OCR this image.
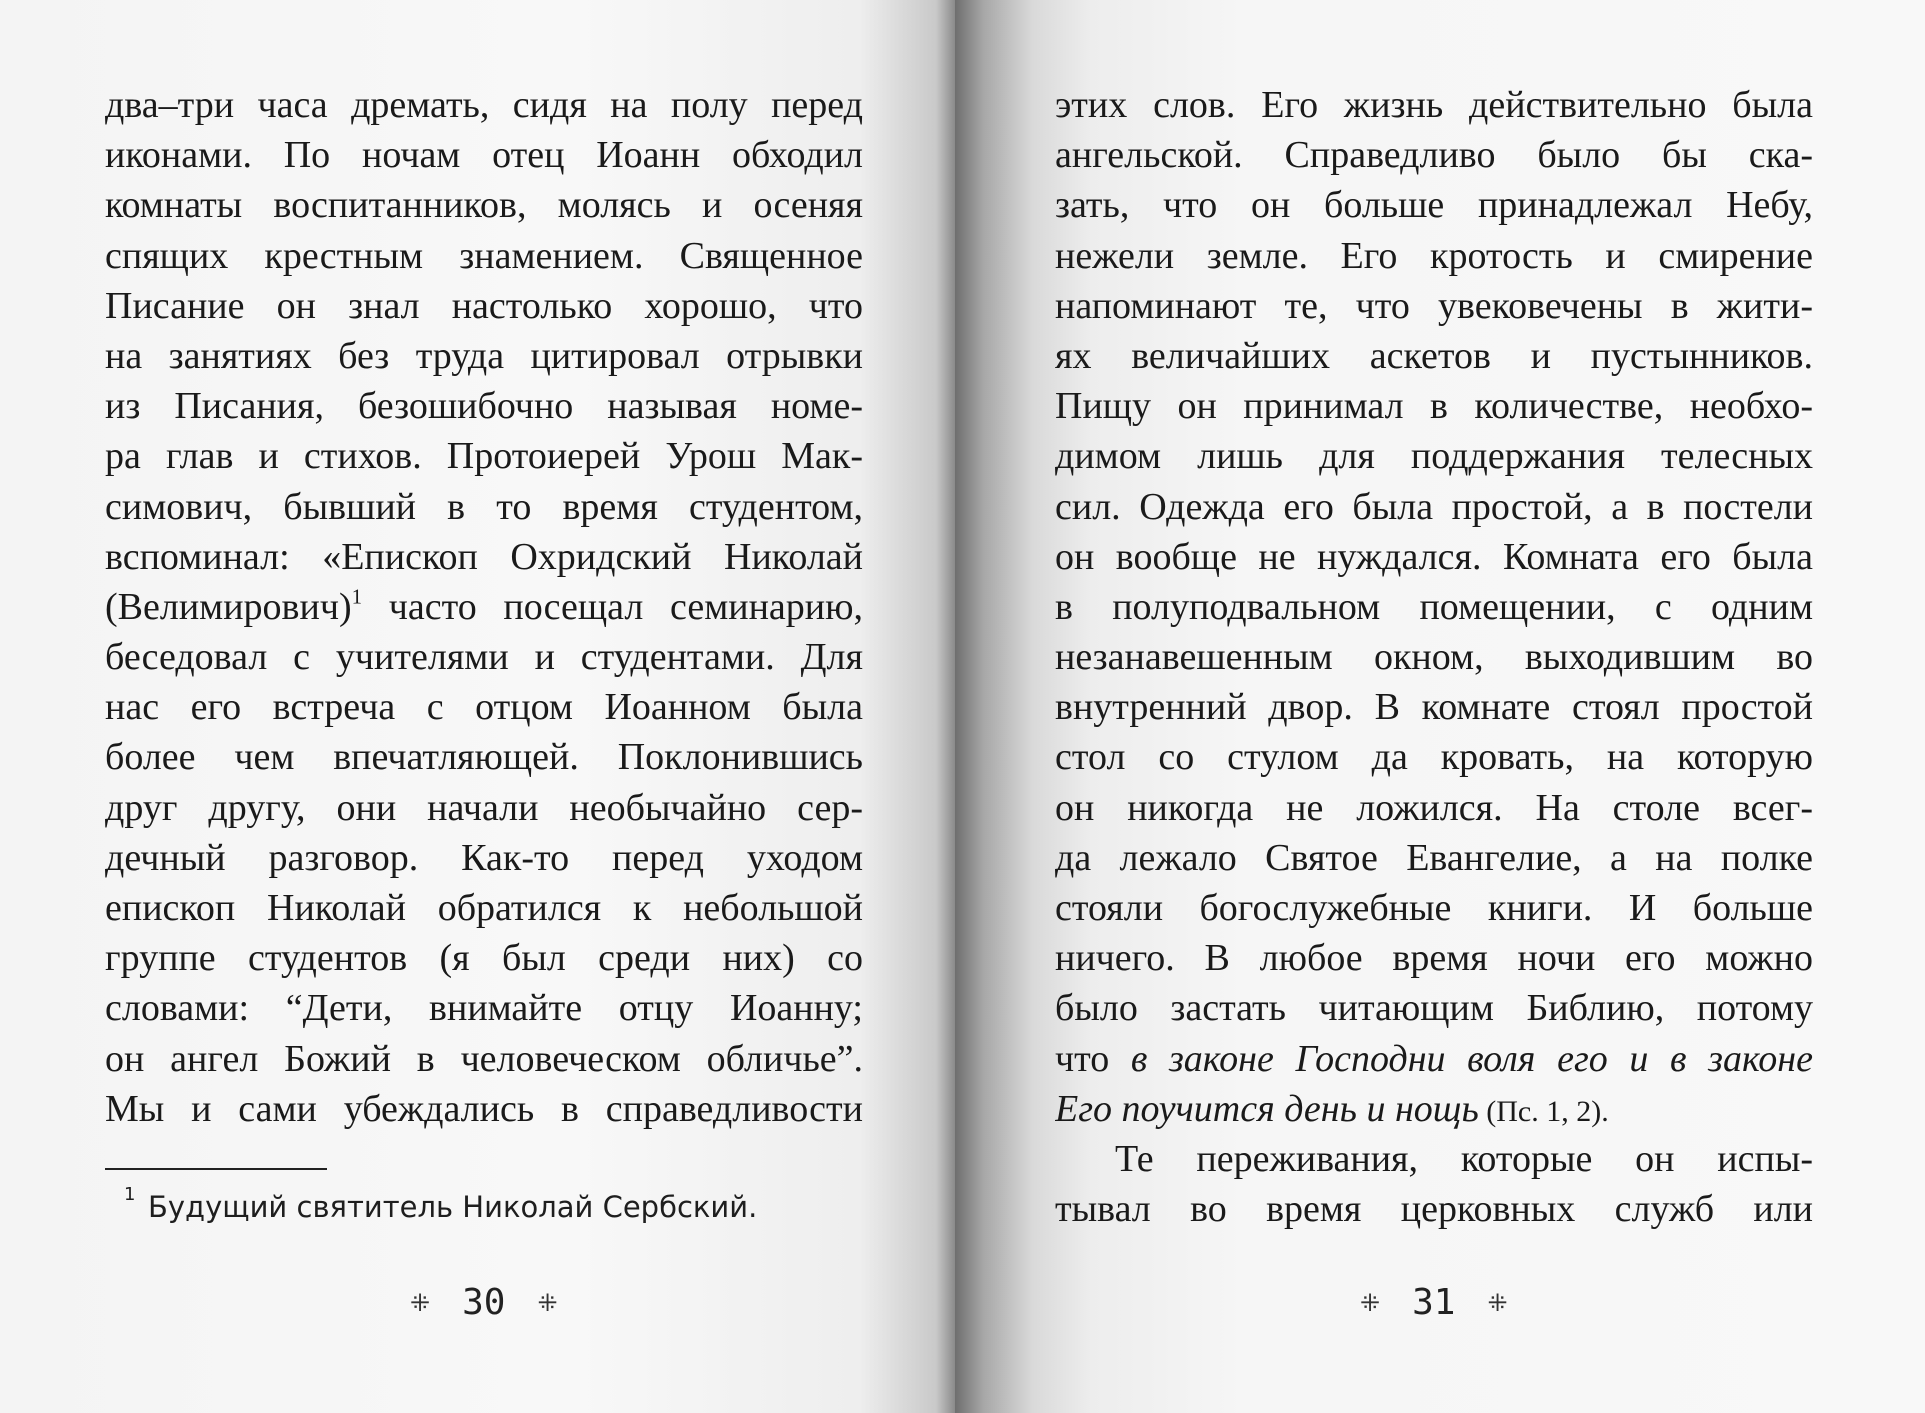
два–три часа дремать, сидя на полу перед
иконами. По ночам отец Иоанн обходил
комнаты воспитанников, молясь и осеняя
спящих крестным знамением. Священное
Писание он знал настолько хорошо, что
на занятиях без труда цитировал отрывки
из Писания, безошибочно называя номе-
ра глав и стихов. Протоиерей Урош Мак-
симович, бывший в то время студентом,
вспоминал: «Епископ Охридский Николай
(Велимирович)$^1$ часто посещал семинарию,
беседовал с учителями и студентами. Для
нас его встреча с отцом Иоанном была
более чем впечатляющей. Поклонившись
друг другу, они начали необычайно сер-
дечный разговор. Как-то перед уходом
епископ Николай обратился к небольшой
группе студентов (я был среди них) со
словами: “Дети, внимайте отцу Иоанну;
он ангел Божий в человеческом обличье”.
Мы и сами убеждались в справедливости
1 Будущий святитель Николай Сербский.
⁜ 30 ⁜
этих слов. Его жизнь действительно была
ангельской. Справедливо было бы ска-
зать, что он больше принадлежал Небу,
нежели земле. Его кротость и смирение
напоминают те, что увековечены в жити-
ях величайших аскетов и пустынников.
Пищу он принимал в количестве, необхо-
димом лишь для поддержания телесных
сил. Одежда его была простой, а в постели
он вообще не нуждался. Комната его была
в полуподвальном помещении, с одним
незанавешенным окном, выходившим во
внутренний двор. В комнате стоял простой
стол со стулом да кровать, на которую
он никогда не ложился. На столе всег-
да лежало Святое Евангелие, а на полке
стояли богослужебные книги. И больше
ничего. В любое время ночи его можно
было застать читающим Библию, потому
что в законе Господни воля его и в законе
Его поучится день и нощь (Пс. 1, 2).
Те переживания, которые он испы-
тывал во время церковных служб или
⁜ 31 ⁜
